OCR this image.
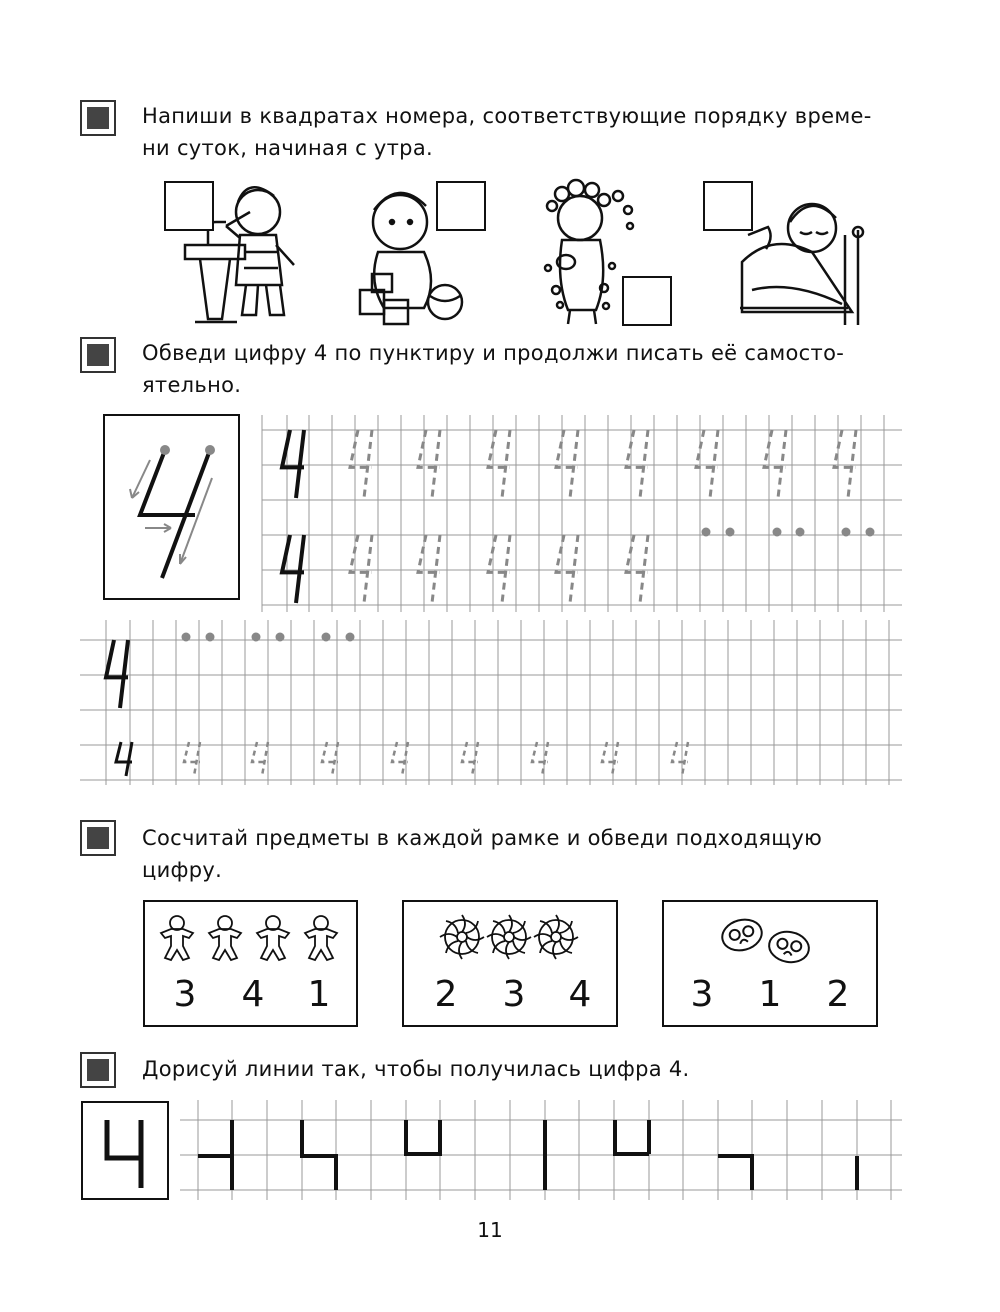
Напиши в квадратах номера, соответствующие порядку време-
ни суток, начиная с утра.
Обведи цифру 4 по пунктиру и продолжи писать её самосто-
ятельно.
Сосчитай предметы в каждой рамке и обведи подходящую
цифру.
Дорисуй линии так, чтобы получилась цифра 4.
3 4 1	2 3 4	3 1 2
11
